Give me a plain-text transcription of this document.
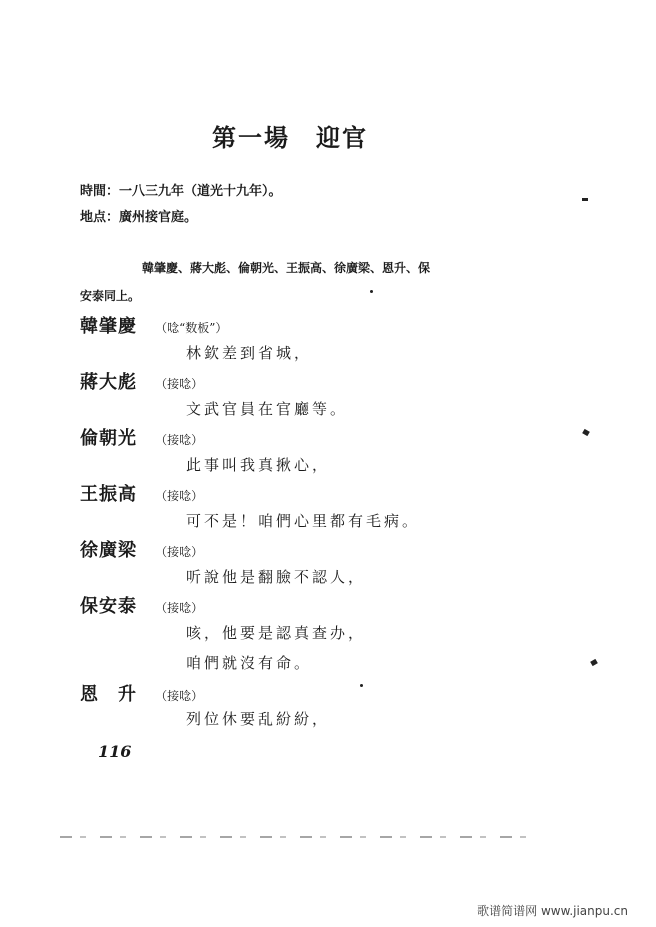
第一場　迎官
時間：一八三九年（道光十九年）。
地点：廣州接官庭。
韓肇慶、蔣大彪、倫朝光、王振高、徐廣梁、恩升、保
安泰同上。
韓肇慶 （唸“数板”）
林欽差到省城，
蔣大彪 （接唸）
文武官員在官廳等。
倫朝光 （接唸）
此事叫我真揪心，
王振高 （接唸）
可不是！咱們心里都有毛病。
徐廣梁 （接唸）
听說他是翻臉不認人，
保安泰 （接唸）
咳，他要是認真查办，
咱們就沒有命。
恩　升 （接唸）
列位休要乱紛紛，
116
歌谱简谱网 www.jianpu.cn
